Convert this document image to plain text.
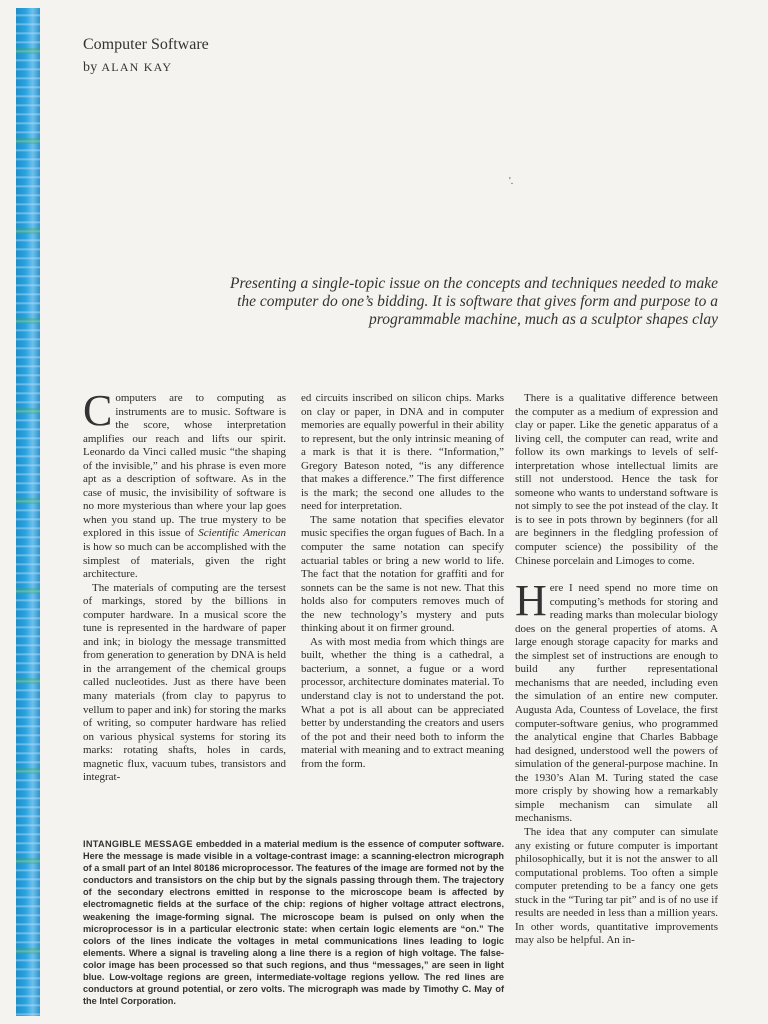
Computer Software
by ALAN KAY
'.
Presenting a single-topic issue on the concepts and techniques needed to make the computer do one’s bidding. It is software that gives form and purpose to a programmable machine, much as a sculptor shapes clay

Computers are to computing as instruments are to music. Software is the score, whose interpretation amplifies our reach and lifts our spirit. Leonardo da Vinci called music “the shaping of the invisible,” and his phrase is even more apt as a description of software. As in the case of music, the invisibility of software is no more mysterious than where your lap goes when you stand up. The true mystery to be explored in this issue of Scientific American is how so much can be accomplished with the simplest of materials, given the right architecture.

The materials of computing are the tersest of markings, stored by the billions in computer hardware. In a musical score the tune is represented in the hardware of paper and ink; in biology the message transmitted from generation to generation by DNA is held in the arrangement of the chemical groups called nucleotides. Just as there have been many materials (from clay to papyrus to vellum to paper and ink) for storing the marks of writing, so computer hardware has relied on various physical systems for storing its marks: rotating shafts, holes in cards, magnetic flux, vacuum tubes, transistors and integrat-

ed circuits inscribed on silicon chips. Marks on clay or paper, in DNA and in computer memories are equally powerful in their ability to represent, but the only intrinsic meaning of a mark is that it is there. “Information,” Gregory Bateson noted, “is any difference that makes a difference.” The first difference is the mark; the second one alludes to the need for interpretation.

The same notation that specifies elevator music specifies the organ fugues of Bach. In a computer the same notation can specify actuarial tables or bring a new world to life. The fact that the notation for graffiti and for sonnets can be the same is not new. That this holds also for computers removes much of the new technology’s mystery and puts thinking about it on firmer ground.

As with most media from which things are built, whether the thing is a cathedral, a bacterium, a sonnet, a fugue or a word processor, architecture dominates material. To understand clay is not to understand the pot. What a pot is all about can be appreciated better by understanding the creators and users of the pot and their need both to inform the material with meaning and to extract meaning from the form.

There is a qualitative difference between the computer as a medium of expression and clay or paper. Like the genetic apparatus of a living cell, the computer can read, write and follow its own markings to levels of self-interpretation whose intellectual limits are still not understood. Hence the task for someone who wants to understand software is not simply to see the pot instead of the clay. It is to see in pots thrown by beginners (for all are beginners in the fledgling profession of computer science) the possibility of the Chinese porcelain and Limoges to come.

Here I need spend no more time on computing’s methods for storing and reading marks than molecular biology does on the general properties of atoms. A large enough storage capacity for marks and the simplest set of instructions are enough to build any further representational mechanisms that are needed, including even the simulation of an entire new computer. Augusta Ada, Countess of Lovelace, the first computer-software genius, who programmed the analytical engine that Charles Babbage had designed, understood well the powers of simulation of the general-purpose machine. In the 1930’s Alan M. Turing stated the case more crisply by showing how a remarkably simple mechanism can simulate all mechanisms.

The idea that any computer can simulate any existing or future computer is important philosophically, but it is not the answer to all computational problems. Too often a simple computer pretending to be a fancy one gets stuck in the “Turing tar pit” and is of no use if results are needed in less than a million years. In other words, quantitative improvements may also be helpful. An in-

INTANGIBLE MESSAGE embedded in a material medium is the essence of computer software. Here the message is made visible in a voltage-contrast image: a scanning-electron micrograph of a small part of an Intel 80186 microprocessor. The features of the image are formed not by the conductors and transistors on the chip but by the signals passing through them. The trajectory of the secondary electrons emitted in response to the microscope beam is affected by electromagnetic fields at the surface of the chip: regions of higher voltage attract electrons, weakening the image-forming signal. The microscope beam is pulsed on only when the microprocessor is in a particular electronic state: when certain logic elements are “on.” The colors of the lines indicate the voltages in metal communications lines leading to logic elements. Where a signal is traveling along a line there is a region of high voltage. The false-color image has been processed so that such regions, and thus “messages,” are seen in light blue. Low-voltage regions are green, intermediate-voltage regions yellow. The red lines are conductors at ground potential, or zero volts. The micrograph was made by Timothy C. May of the Intel Corporation.
